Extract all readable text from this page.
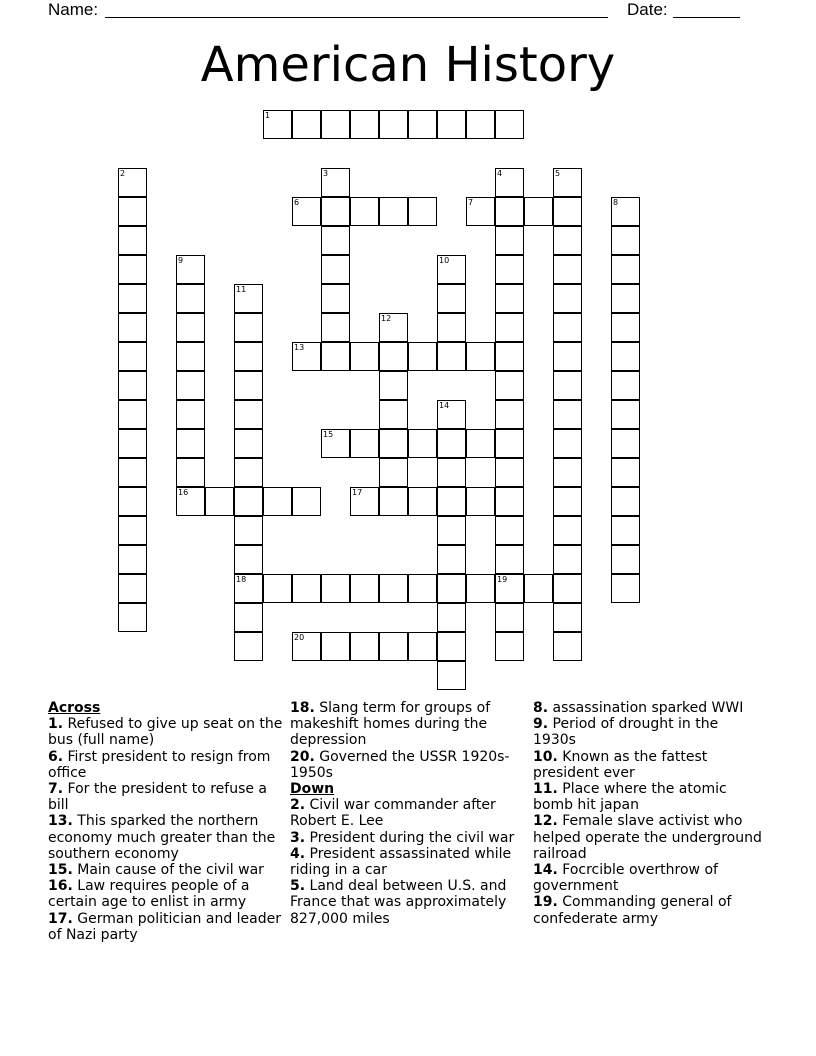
Name:	Date:
American History
1
2	3	4
19
5
6	7	8
9	10
11
18
12
13
14
15
16	17
20
Across
1. Refused to give up seat on the bus (full name)
6. First president to resign from office
7. For the president to refuse a bill
13. This sparked the northern economy much greater than the southern economy
15. Main cause of the civil war
16. Law requires people of a certain age to enlist in army
17. German politician and leader of Nazi party
18. Slang term for groups of makeshift homes during the depression
20. Governed the USSR 1920s-1950s
Down
2. Civil war commander after Robert E. Lee
3. President during the civil war
4. President assassinated while riding in a car
5. Land deal between U.S. and France that was approximately 827,000 miles
8. assassination sparked WWI
9. Period of drought in the 1930s
10. Known as the fattest president ever
11. Place where the atomic bomb hit japan
12. Female slave activist who helped operate the underground railroad
14. Focrcible overthrow of government
19. Commanding general of confederate army
